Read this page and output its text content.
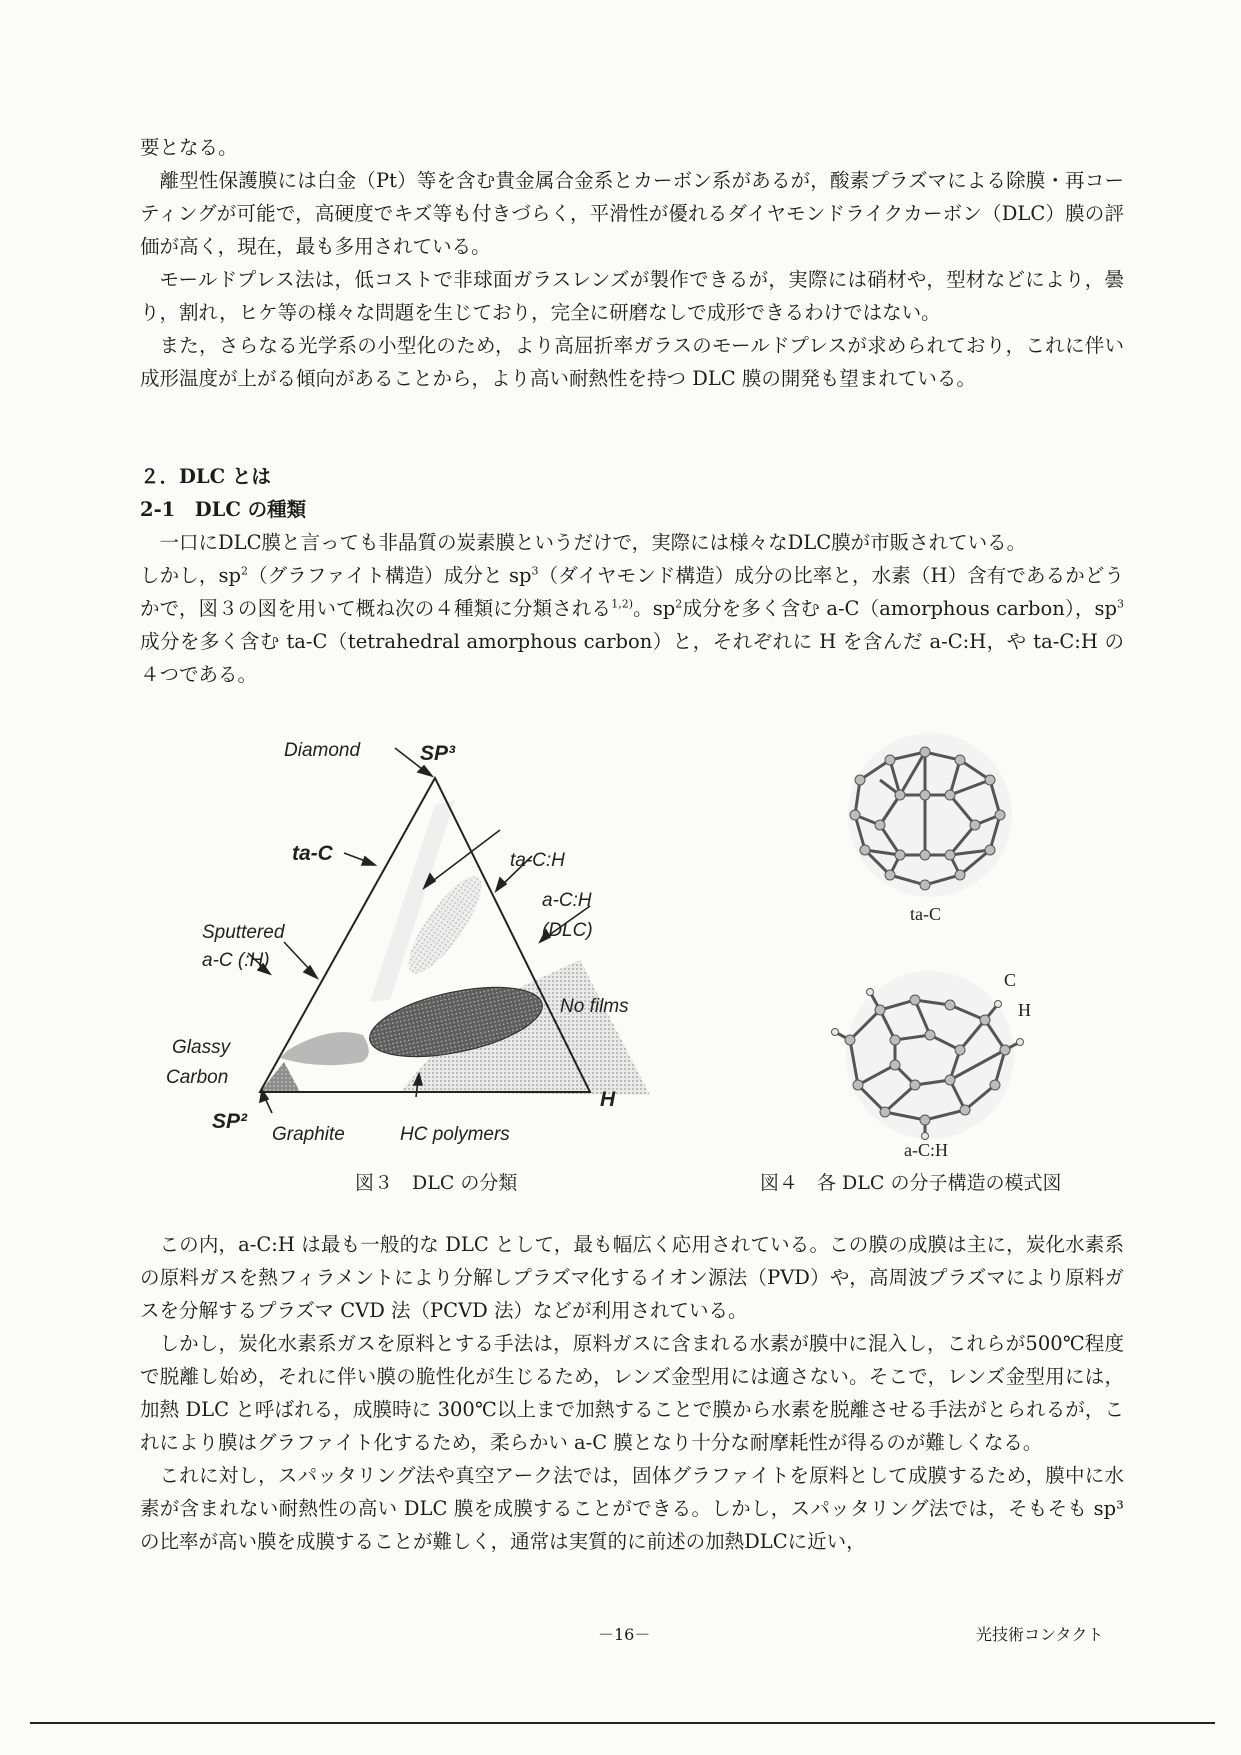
要となる。

離型性保護膜には白金（Pt）等を含む貴金属合金系とカーボン系があるが，酸素プラズマによる除膜・再コーティングが可能で，高硬度でキズ等も付きづらく，平滑性が優れるダイヤモンドライクカーボン（DLC）膜の評価が高く，現在，最も多用されている。

モールドプレス法は，低コストで非球面ガラスレンズが製作できるが，実際には硝材や，型材などにより，曇り，割れ，ヒケ等の様々な問題を生じており，完全に研磨なしで成形できるわけではない。

また，さらなる光学系の小型化のため，より高屈折率ガラスのモールドプレスが求められており，これに伴い成形温度が上がる傾向があることから，より高い耐熱性を持つ DLC 膜の開発も望まれている。

２．DLC とは
2-1　DLC の種類

一口にDLC膜と言っても非晶質の炭素膜というだけで，実際には様々なDLC膜が市販されている。

しかし，$sp^2$（グラファイト構造）成分と $sp^3$（ダイヤモンド構造）成分の比率と，水素（H）含有であるかどうかで，図３の図を用いて概ね次の４種類に分類される$^{1,2)}$。$sp^2$成分を多く含む a-C（amorphous carbon），$sp^3$成分を多く含む ta-C（tetrahedral amorphous carbon）と，それぞれに H を含んだ a-C:H，や ta-C:H の４つである。

Diamond	SP³
ta-C	ta-C:H
a-C:H
(DLC)
Sputtered
a-C (:H)
No films
Glassy
Carbon
SP²
H
Graphite	HC polymers
図３　DLC の分類
ta-C
C
H
a-C:H
図４　各 DLC の分子構造の模式図

この内，a-C:H は最も一般的な DLC として，最も幅広く応用されている。この膜の成膜は主に，炭化水素系の原料ガスを熱フィラメントにより分解しプラズマ化するイオン源法（PVD）や，高周波プラズマにより原料ガスを分解するプラズマ CVD 法（PCVD 法）などが利用されている。

しかし，炭化水素系ガスを原料とする手法は，原料ガスに含まれる水素が膜中に混入し，これらが500℃程度で脱離し始め，それに伴い膜の脆性化が生じるため，レンズ金型用には適さない。そこで，レンズ金型用には，加熱 DLC と呼ばれる，成膜時に 300℃以上まで加熱することで膜から水素を脱離させる手法がとられるが，これにより膜はグラファイト化するため，柔らかい a-C 膜となり十分な耐摩耗性が得るのが難しくなる。

これに対し，スパッタリング法や真空アーク法では，固体グラファイトを原料として成膜するため，膜中に水素が含まれない耐熱性の高い DLC 膜を成膜することができる。しかし，スパッタリング法では，そもそも sp³の比率が高い膜を成膜することが難しく，通常は実質的に前述の加熱DLCに近い，

－16－	光技術コンタクト
